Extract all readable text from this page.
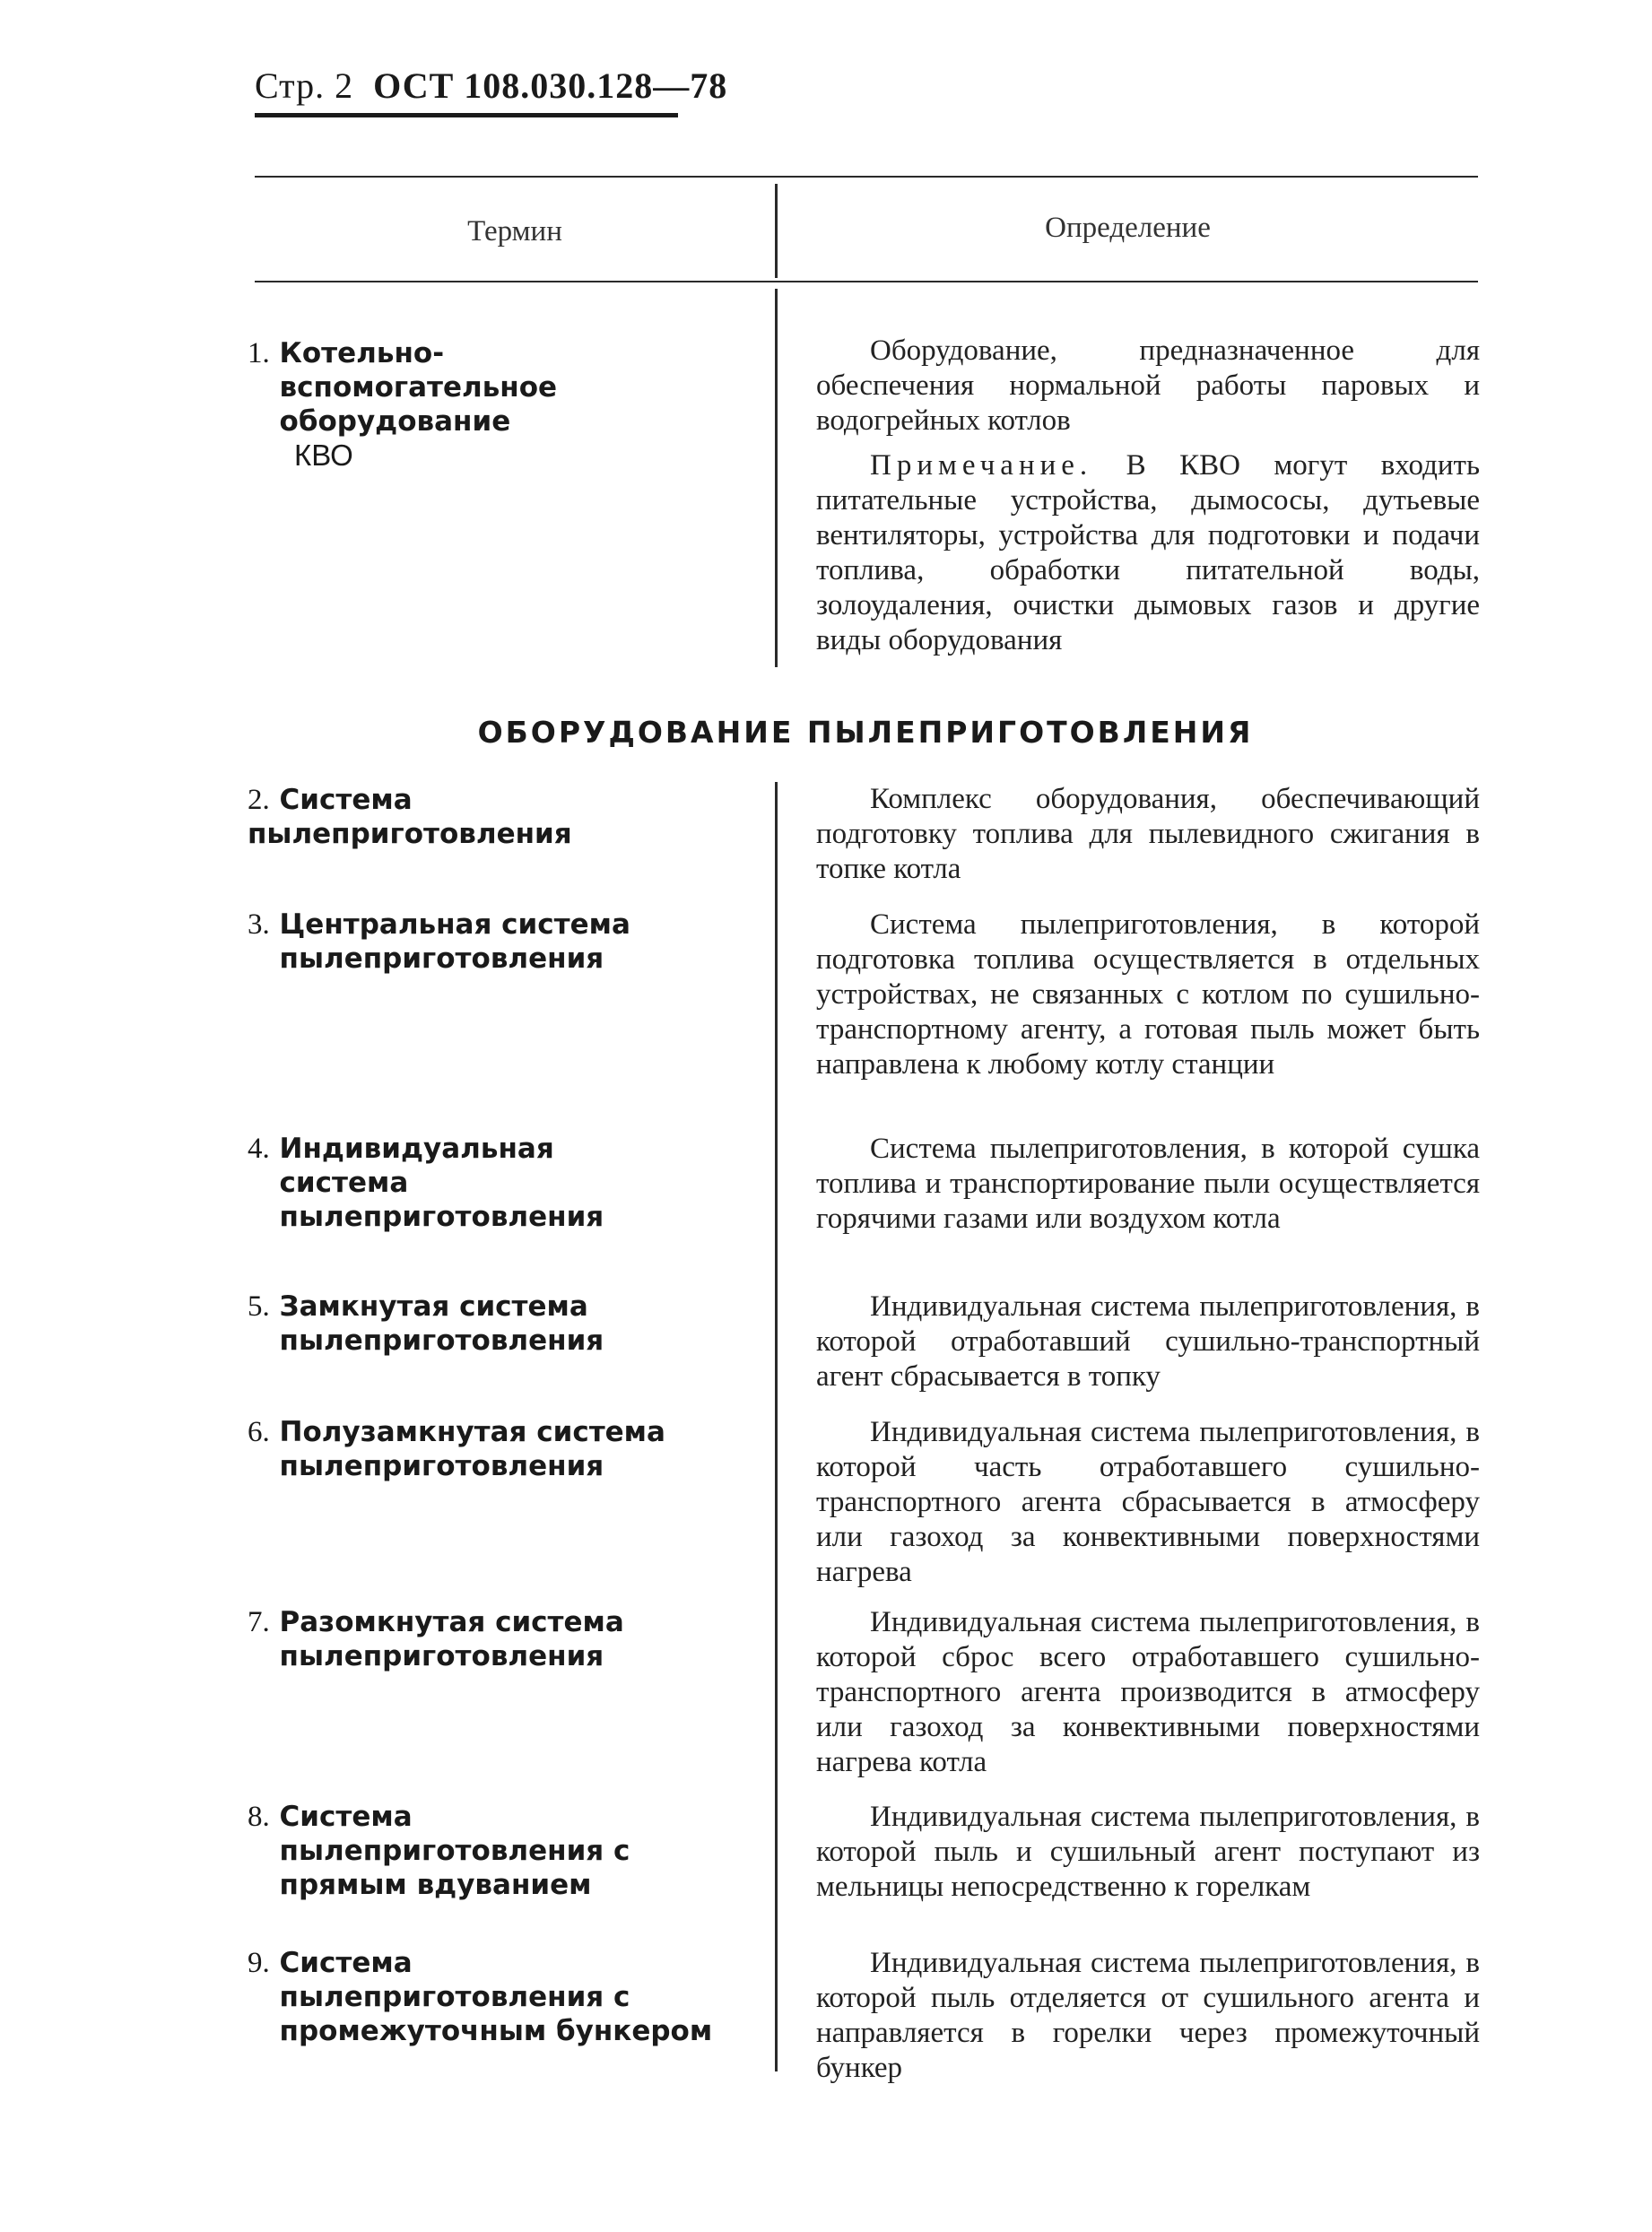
Стр. 2 ОСТ 108.030.128—78
Термин	Определение
1. Котельно-вспомогательное оборудование
КВО
Оборудование, предназначенное для обеспечения нормальной работы паровых и водогрейных котлов
Примечание. В КВО могут входить питательные устройства, дымососы, дутьевые вентиляторы, устройства для подготовки и подачи топлива, обработки питательной воды, золоудаления, очистки дымовых газов и другие виды оборудования
ОБОРУДОВАНИЕ ПЫЛЕПРИГОТОВЛЕНИЯ
2. Система пылеприготовления
Комплекс оборудования, обеспечивающий подготовку топлива для пылевидного сжигания в топке котла
3. Центральная система пылеприготовления
Система пылеприготовления, в которой подготовка топлива осуществляется в отдельных устройствах, не связанных с котлом по сушильно-транспортному агенту, а готовая пыль может быть направлена к любому котлу станции
4. Индивидуальная система пылеприготовления
Система пылеприготовления, в которой сушка топлива и транспортирование пыли осуществляется горячими газами или воздухом котла
5. Замкнутая система пылеприготовления
Индивидуальная система пылеприготовления, в которой отработавший сушильно-транспортный агент сбрасывается в топку
6. Полузамкнутая система пылеприготовления
Индивидуальная система пылеприготовления, в которой часть отработавшего сушильно-транспортного агента сбрасывается в атмосферу или газоход за конвективными поверхностями нагрева
7. Разомкнутая система пылеприготовления
Индивидуальная система пылеприготовления, в которой сброс всего отработавшего сушильно-транспортного агента производится в атмосферу или газоход за конвективными поверхностями нагрева котла
8. Система пылеприготовления с прямым вдуванием
Индивидуальная система пылеприготовления, в которой пыль и сушильный агент поступают из мельницы непосредственно к горелкам
9. Система пылеприготовления с промежуточным бункером
Индивидуальная система пылеприготовления, в которой пыль отделяется от сушильного агента и направляется в горелки через промежуточный бункер
